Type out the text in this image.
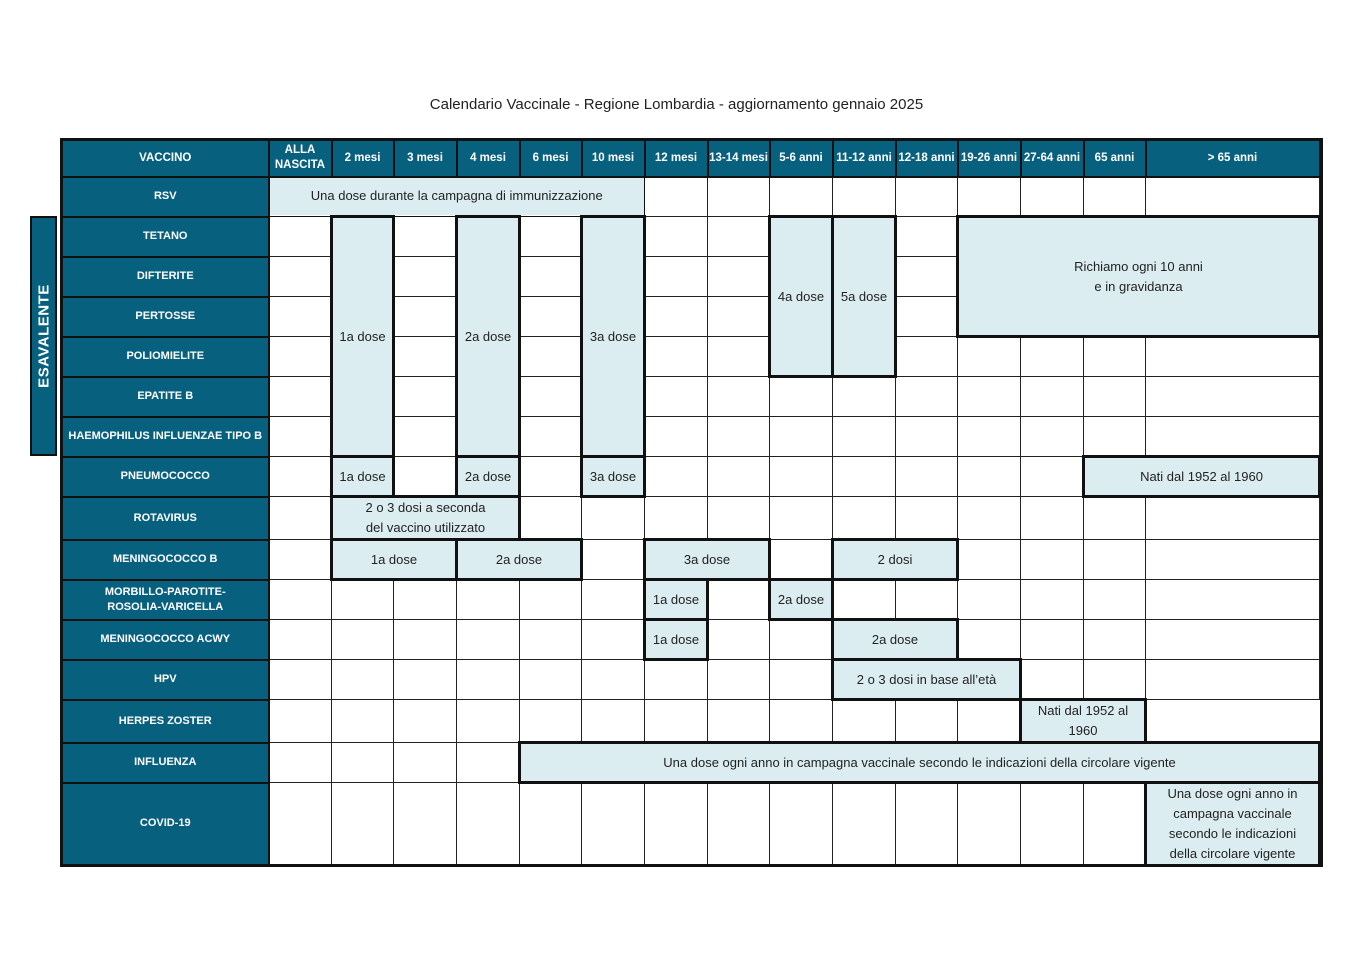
Calendario Vaccinale - Regione Lombardia - aggiornamento gennaio 2025
ESAVALENTE
VACCINO	ALLA NASCITA	2 mesi	3 mesi	4 mesi	6 mesi	10 mesi	12 mesi	13-14 mesi	5-6 anni	11-12 anni	12-18 anni	19-26 anni	27-64 anni	65 anni	> 65 anni	
RSV	Una dose durante la campagna di immunizzazione															
TETANO		1a dose		2a dose		3a dose			4a dose	5a dose		Richiamo ogni 10 anni
e in gravidanza				

DIFTERITE																
PERTOSSE																
POLIOMIELITE																
EPATITE B																
HAEMOPHILUS INFLUENZAE TIPO B																
PNEUMOCOCCO		1a dose		2a dose		3a dose								Nati dal 1952 al 1960		
ROTAVIRUS		2 o 3 dosi a seconda
del vaccino utilizzato														

MENINGOCOCCO B		1a dose		2a dose			3a dose			2 dosi						

MORBILLO-PAROTITE-
ROSOLIA-VARICELLA							1a dose		2a dose							
MENINGOCOCCO ACWY							1a dose			2a dose						
HPV										2 o 3 dosi in base all’età						
HERPES ZOSTER													Nati dal 1952 al 1960			
INFLUENZA					Una dose ogni anno in campagna vaccinale secondo le indicazioni della circolare vigente											
COVID-19															Una dose ogni anno in
campagna vaccinale
secondo le indicazioni
della circolare vigente	
